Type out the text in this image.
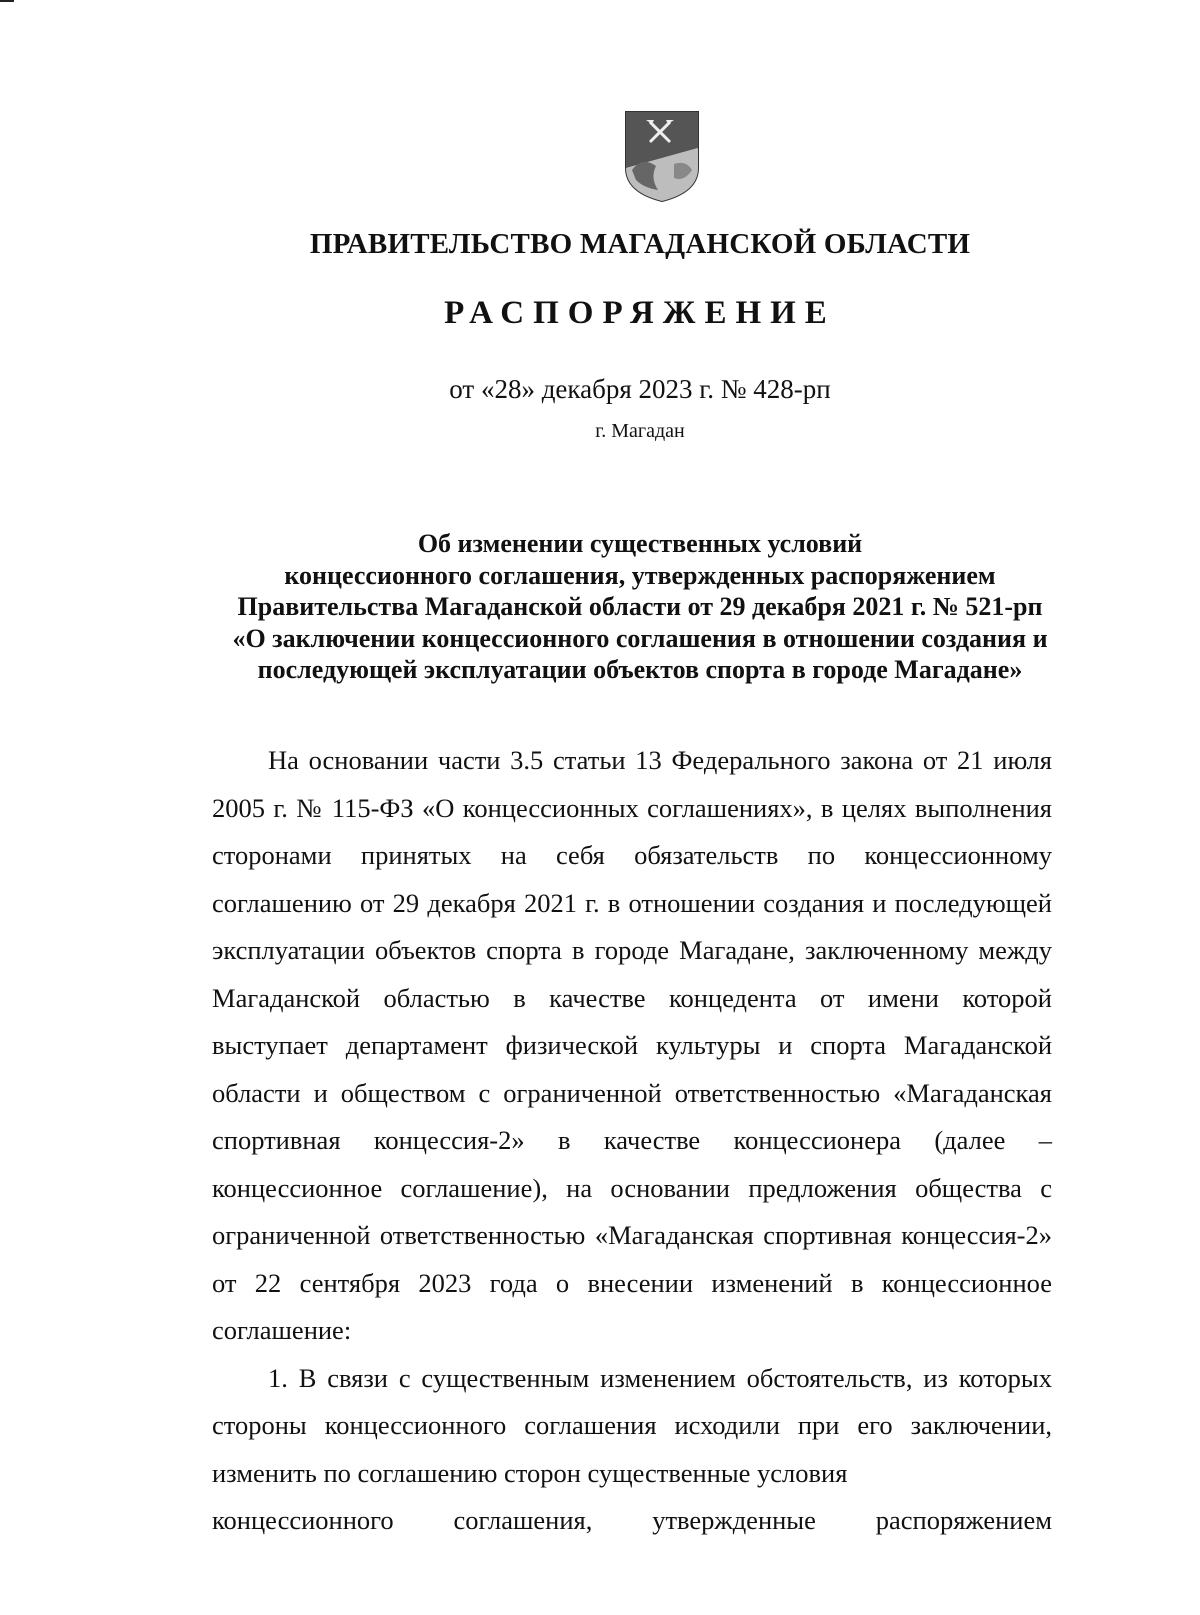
ПРАВИТЕЛЬСТВО МАГАДАНСКОЙ ОБЛАСТИ
РАСПОРЯЖЕНИЕ
от «28» декабря 2023 г. № 428-рп
г. Магадан
Об изменении существенных условий
концессионного соглашения, утвержденных распоряжением
Правительства Магаданской области от 29 декабря 2021 г. № 521-рп
«О заключении концессионного соглашения в отношении создания и
последующей эксплуатации объектов спорта в городе Магадане»

На основании части 3.5 статьи 13 Федерального закона от 21 июля 2005 г. № 115-ФЗ «О концессионных соглашениях», в целях выполнения сторонами принятых на себя обязательств по концессионному соглашению от 29 декабря 2021 г. в отношении создания и последующей эксплуатации объектов спорта в городе Магадане, заключенному между Магаданской областью в качестве концедента от имени которой выступает департамент физической культуры и спорта Магаданской области и обществом с ограниченной ответственностью «Магаданская спортивная концессия-2» в качестве концессионера (далее – концессионное соглашение), на основании предложения общества с ограниченной ответственностью «Магаданская спортивная концессия-2» от 22 сентября 2023 года о внесении изменений в концессионное соглашение:

1. В связи с существенным изменением обстоятельств, из которых стороны концессионного соглашения исходили при его заключении, изменить по соглашению сторон существенные условия

концессионного соглашения, утвержденные распоряжением
